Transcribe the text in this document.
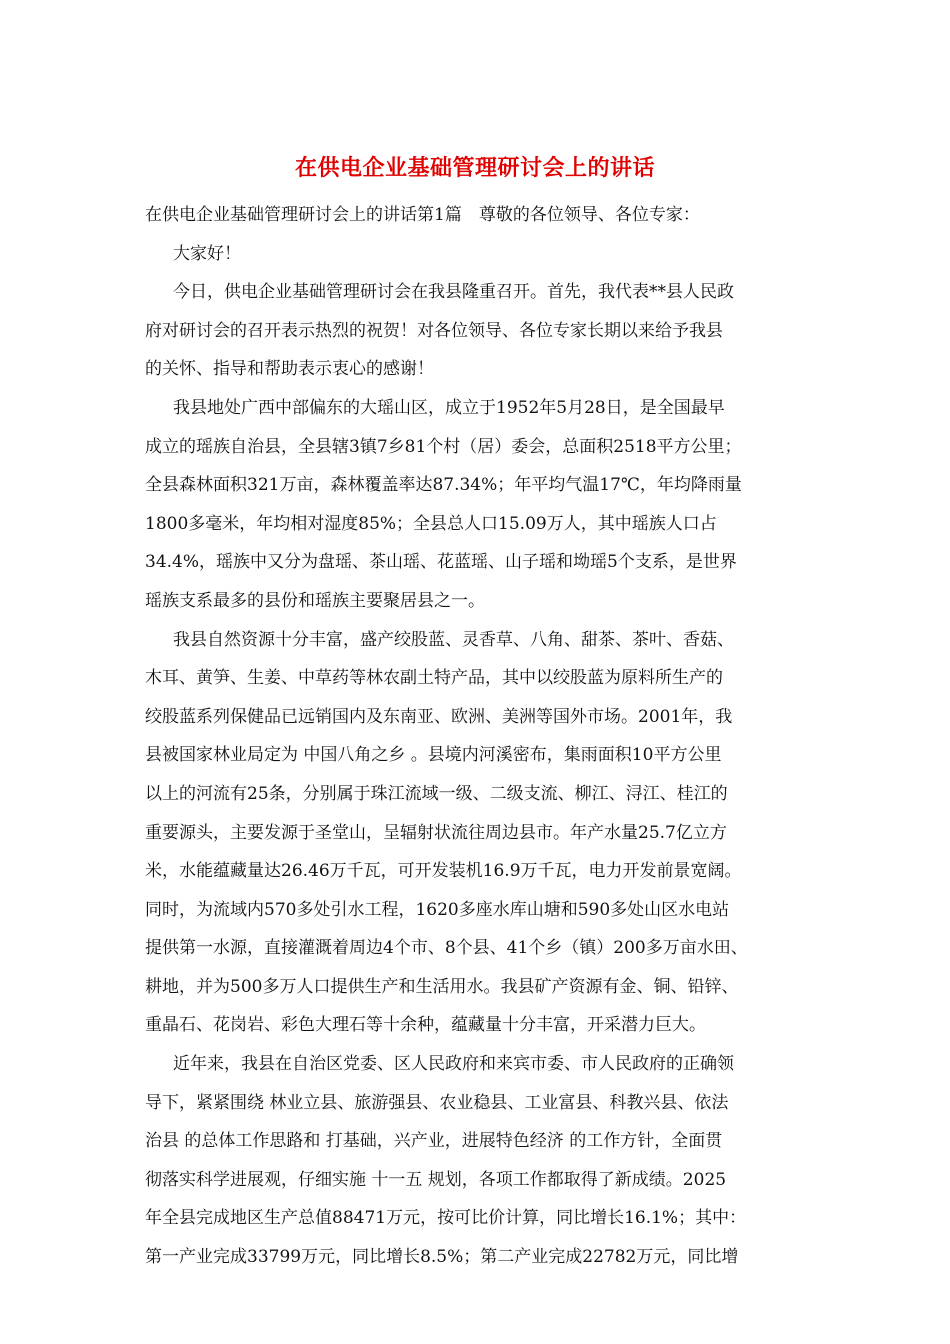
在供电企业基础管理研讨会上的讲话
在供电企业基础管理研讨会上的讲话第1篇　尊敬的各位领导、各位专家：
大家好！
今日，供电企业基础管理研讨会在我县隆重召开。首先，我代表**县人民政
府对研讨会的召开表示热烈的祝贺！对各位领导、各位专家长期以来给予我县
的关怀、指导和帮助表示衷心的感谢！
我县地处广西中部偏东的大瑶山区，成立于1952年5月28日，是全国最早
成立的瑶族自治县，全县辖3镇7乡81个村（居）委会，总面积2518平方公里；
全县森林面积321万亩，森林覆盖率达87.34%；年平均气温17℃，年均降雨量
1800多毫米，年均相对湿度85%；全县总人口15.09万人，其中瑶族人口占
34.4%，瑶族中又分为盘瑶、茶山瑶、花蓝瑶、山子瑶和坳瑶5个支系，是世界
瑶族支系最多的县份和瑶族主要聚居县之一。
我县自然资源十分丰富，盛产绞股蓝、灵香草、八角、甜茶、茶叶、香菇、
木耳、黄笋、生姜、中草药等林农副土特产品，其中以绞股蓝为原料所生产的
绞股蓝系列保健品已远销国内及东南亚、欧洲、美洲等国外市场。2001年，我
县被国家林业局定为 中国八角之乡 。县境内河溪密布，集雨面积10平方公里
以上的河流有25条，分别属于珠江流域一级、二级支流、柳江、浔江、桂江的
重要源头，主要发源于圣堂山，呈辐射状流往周边县市。年产水量25.7亿立方
米，水能蕴藏量达26.46万千瓦，可开发装机16.9万千瓦，电力开发前景宽阔。
同时，为流域内570多处引水工程，1620多座水库山塘和590多处山区水电站
提供第一水源，直接灌溉着周边4个市、8个县、41个乡（镇）200多万亩水田、
耕地，并为500多万人口提供生产和生活用水。我县矿产资源有金、铜、铅锌、
重晶石、花岗岩、彩色大理石等十余种，蕴藏量十分丰富，开采潜力巨大。
近年来，我县在自治区党委、区人民政府和来宾市委、市人民政府的正确领
导下，紧紧围绕 林业立县、旅游强县、农业稳县、工业富县、科教兴县、依法
治县 的总体工作思路和 打基础，兴产业，进展特色经济 的工作方针，全面贯
彻落实科学进展观，仔细实施 十一五 规划，各项工作都取得了新成绩。2025
年全县完成地区生产总值88471万元，按可比价计算，同比增长16.1%；其中：
第一产业完成33799万元，同比增长8.5%；第二产业完成22782万元，同比增
